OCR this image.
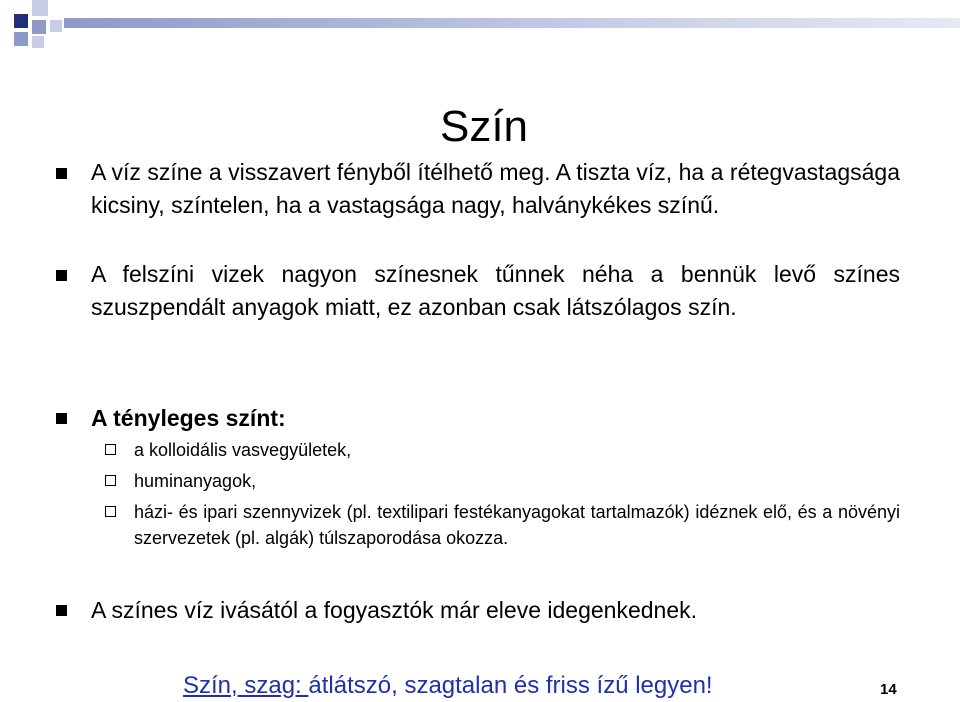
Szín
A víz színe a visszavert fényből ítélhető meg. A tiszta víz, ha a rétegvastagsága kicsiny, színtelen, ha a vastagsága nagy, halványkékes színű.
A felszíni vizek nagyon színesnek tűnnek néha a bennük levő színes szuszpendált anyagok miatt, ez azonban csak látszólagos szín.
A tényleges színt:
a kolloidális vasvegyületek,
huminanyagok,
házi- és ipari szennyvizek (pl. textilipari festékanyagokat tartalmazók) idéznek elő, és a növényi szervezetek (pl. algák) túlszaporodása okozza.
A színes víz ivásától a fogyasztók már eleve idegenkednek.
Szín, szag: átlátszó, szagtalan és friss ízű legyen!	14
